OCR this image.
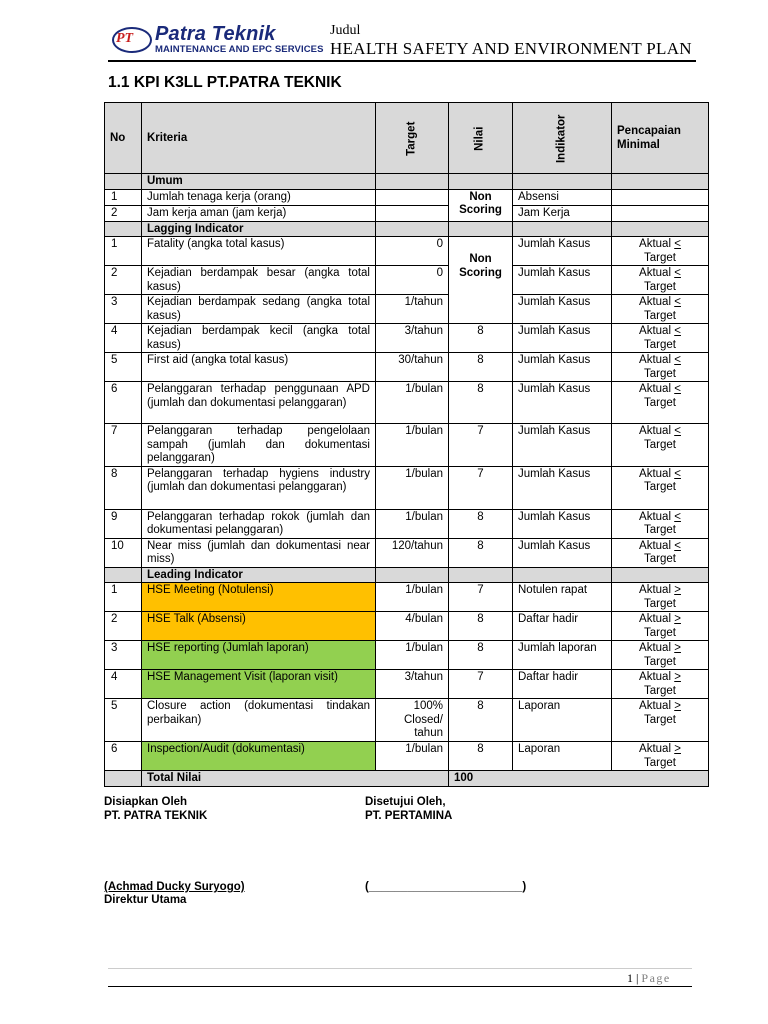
PT Patra Teknik
MAINTENANCE AND EPC SERVICES
Judul
HEALTH SAFETY AND ENVIRONMENT PLAN
1.1 KPI K3LL PT.PATRA TEKNIK
No	Kriteria	Target	Nilai	Indikator	Pencapaian Minimal
	Umum				
1	Jumlah tenaga kerja (orang)		Non Scoring	Absensi	
2	Jam kerja aman (jam kerja)			Jam Kerja	
	Lagging Indicator				
1	Fatality (angka total kasus)	0	Non Scoring	Jumlah Kasus	Aktual <
Target
2	Kejadian berdampak besar (angka total kasus)	0		Jumlah Kasus	Aktual <
Target
3	Kejadian berdampak sedang (angka total kasus)	1/tahun		Jumlah Kasus	Aktual <
Target
4	Kejadian berdampak kecil (angka total kasus)	3/tahun	8	Jumlah Kasus	Aktual <
Target
5	First aid (angka total kasus)	30/tahun	8	Jumlah Kasus	Aktual <
Target
6	Pelanggaran terhadap penggunaan APD (jumlah dan dokumentasi pelanggaran)	1/bulan	8	Jumlah Kasus	Aktual <
Target
7	Pelanggaran terhadap pengelolaan sampah (jumlah dan dokumentasi pelanggaran)	1/bulan	7	Jumlah Kasus	Aktual <
Target
8	Pelanggaran terhadap hygiens industry (jumlah dan dokumentasi pelanggaran)	1/bulan	7	Jumlah Kasus	Aktual <
Target
9	Pelanggaran terhadap rokok (jumlah dan dokumentasi pelanggaran)	1/bulan	8	Jumlah Kasus	Aktual <
Target
10	Near miss (jumlah dan dokumentasi near miss)	120/tahun	8	Jumlah Kasus	Aktual <
Target
	Leading Indicator				
1	HSE Meeting (Notulensi)	1/bulan	7	Notulen rapat	Aktual >
Target
2	HSE Talk (Absensi)	4/bulan	8	Daftar hadir	Aktual >
Target
3	HSE reporting (Jumlah laporan)	1/bulan	8	Jumlah laporan	Aktual >
Target
4	HSE Management Visit (laporan visit)	3/tahun	7	Daftar hadir	Aktual >
Target
5	Closure action (dokumentasi tindakan perbaikan)	100% Closed/ tahun	8	Laporan	Aktual >
Target
6	Inspection/Audit (dokumentasi)	1/bulan	8	Laporan	Aktual >
Target
	Total Nilai		100		
Disiapkan Oleh
PT. PATRA TEKNIK
Disetujui Oleh,
PT. PERTAMINA
(Achmad Ducky Suryogo)
Direktur Utama
(________________________)
1 | Page
